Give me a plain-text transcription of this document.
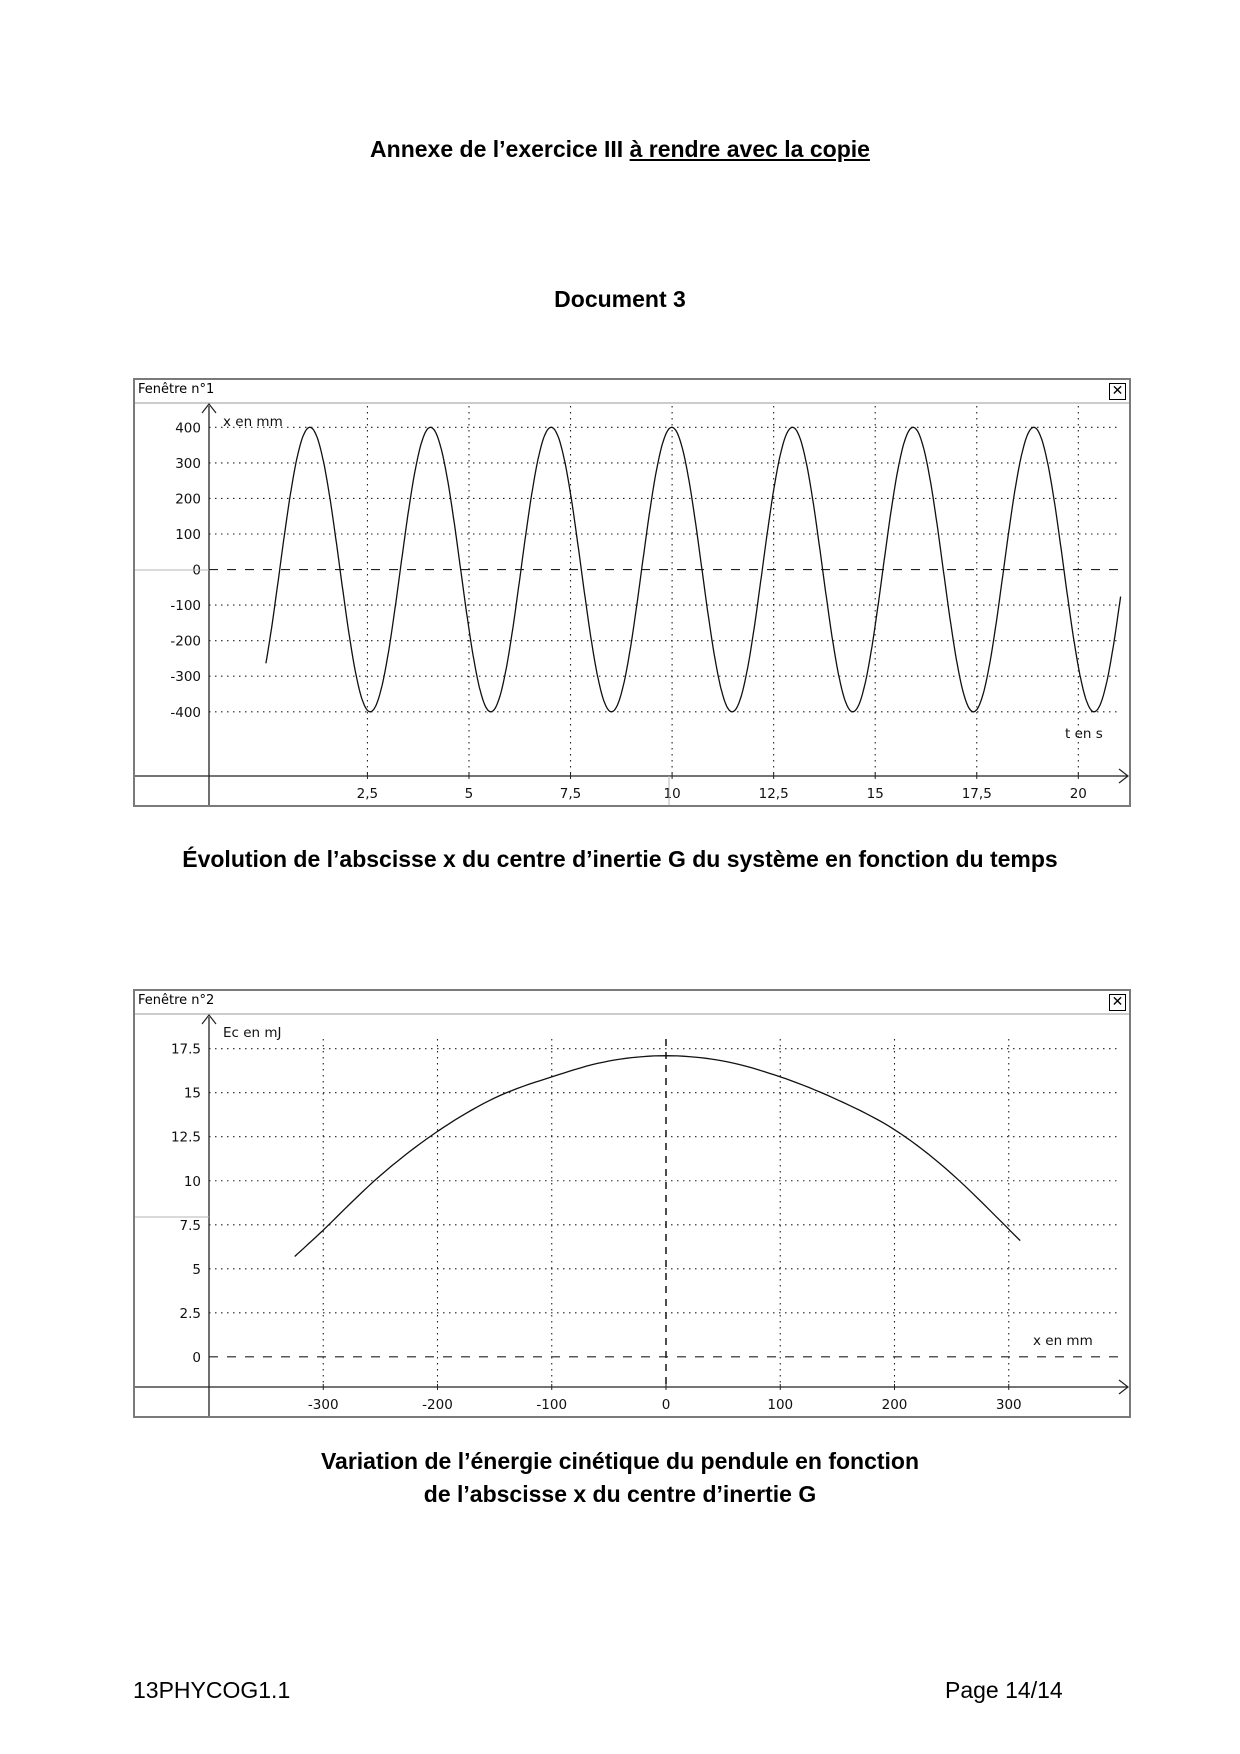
Annexe de l’exercice III à rendre avec la copie
Document 3
Fenêtre n°1	✕
400
300
200
100
0
-100
-200
-300
-400
2,5	5	7,5	10	12,5	15	17,5	20
x en mm
t en s
Évolution de l’abscisse x du centre d’inertie G du système en fonction du temps
Fenêtre n°2	✕
17.5
15
12.5
10
7.5
5
2.5
0
-300	-200	-100	0	100	200	300
Ec en mJ
x en mm
Variation de l’énergie cinétique du pendule en fonction
de l’abscisse x du centre d’inertie G
13PHYCOG1.1	Page 14/14
